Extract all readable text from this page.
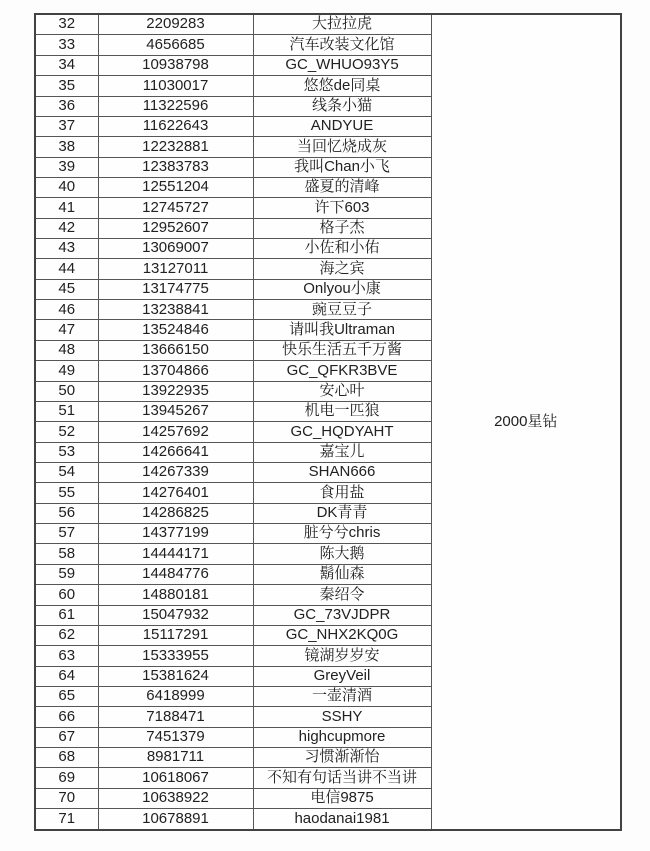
32	2209283	大拉拉虎	2000星钻
33	4656685	汽车改装文化馆	
34	10938798	GC_WHUO93Y5	
35	11030017	悠悠de同桌	
36	11322596	线条小猫	
37	11622643	ANDYUE	
38	12232881	当回忆烧成灰	
39	12383783	我叫Chan小飞	
40	12551204	盛夏的清峰	
41	12745727	许下603	
42	12952607	格子杰	
43	13069007	小佐和小佑	
44	13127011	海之宾	
45	13174775	Onlyou小康	
46	13238841	豌豆豆子	
47	13524846	请叫我Ultraman	
48	13666150	快乐生活五千万酱	
49	13704866	GC_QFKR3BVE	
50	13922935	安心叶	
51	13945267	机电一匹狼	
52	14257692	GC_HQDYAHT	
53	14266641	嘉宝儿	
54	14267339	SHAN666	
55	14276401	食用盐	
56	14286825	DK青青	
57	14377199	脏兮兮chris	
58	14444171	陈大鹅	
59	14484776	鬍仙森	
60	14880181	秦绍令	
61	15047932	GC_73VJDPR	
62	15117291	GC_NHX2KQ0G	
63	15333955	镜湖岁岁安	
64	15381624	GreyVeil	
65	6418999	一壶清酒	
66	7188471	SSHY	
67	7451379	highcupmore	
68	8981711	习惯渐渐怡	
69	10618067	不知有句话当讲不当讲	
70	10638922	电信9875	
71	10678891	haodanai1981	
